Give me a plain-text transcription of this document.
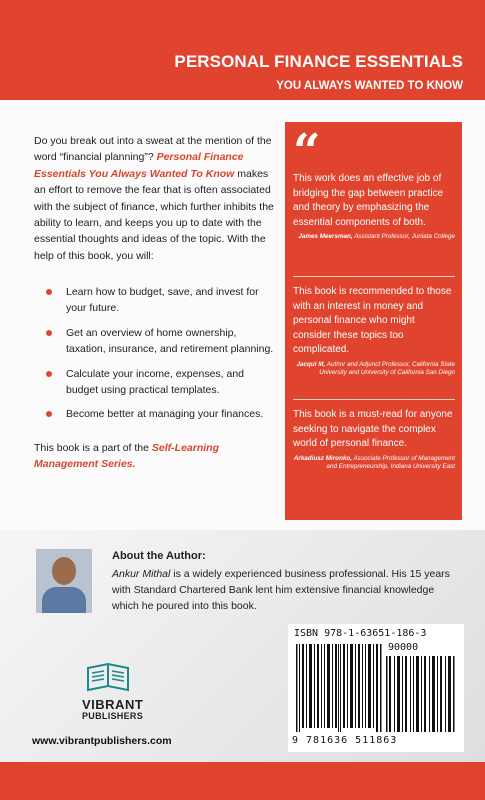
PERSONAL FINANCE ESSENTIALS
YOU ALWAYS WANTED TO KNOW
Do you break out into a sweat at the mention of the word “financial planning”? Personal Finance Essentials You Always Wanted To Know makes an effort to remove the fear that is often associated with the subject of finance, which further inhibits the ability to learn, and keeps you up to date with the essential thoughts and ideas of the topic. With the help of this book, you will:
Learn how to budget, save, and invest for your future.
Get an overview of home ownership, taxation, insurance, and retirement planning.
Calculate your income, expenses, and budget using practical templates.
Become better at managing your finances.
This book is a part of the Self-Learning Management Series.
“
This work does an effective job of bridging the gap between practice and theory by emphasizing the essential components of both.
James Meersman, Assistant Professor, Juniata College
This book is recommended to those with an interest in money and personal finance who might consider these topics too complicated.
Jacqui M, Author and Adjunct Professor, California State University and University of California San Diego
This book is a must-read for anyone seeking to navigate the complex world of personal finance.
Arkadiusz Mironko, Associate Professor of Management and Entrepreneurship, Indiana University East
About the Author:
Ankur Mithal is a widely experienced business professional. His 15 years with Standard Chartered Bank lent him extensive financial knowledge which he poured into this book.
VIBRANT
PUBLISHERS
www.vibrantpublishers.com
ISBN 978-1-63651-186-3
90000
9 781636 511863
